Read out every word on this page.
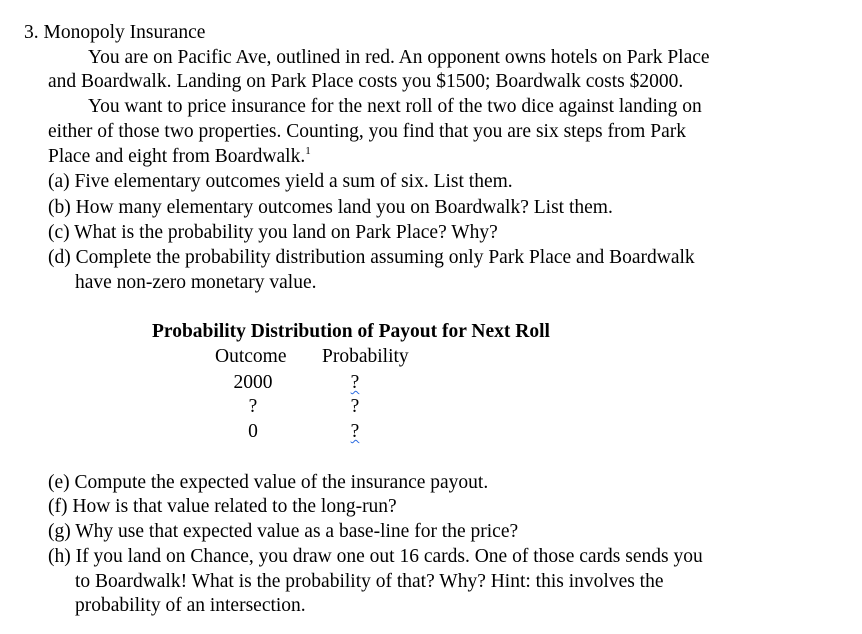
3. Monopoly Insurance
You are on Pacific Ave, outlined in red. An opponent owns hotels on Park Place
and Boardwalk. Landing on Park Place costs you $1500; Boardwalk costs $2000.
You want to price insurance for the next roll of the two dice against landing on
either of those two properties. Counting, you find that you are six steps from Park
Place and eight from Boardwalk.$^1$
(a) Five elementary outcomes yield a sum of six. List them.
(b) How many elementary outcomes land you on Boardwalk? List them.
(c) What is the probability you land on Park Place? Why?
(d) Complete the probability distribution assuming only Park Place and Boardwalk
have non-zero monetary value.
Probability Distribution of Payout for Next Roll
Outcome Probability
2000	?
?	?
0	?
(e) Compute the expected value of the insurance payout.
(f) How is that value related to the long-run?
(g) Why use that expected value as a base-line for the price?
(h) If you land on Chance, you draw one out 16 cards. One of those cards sends you
to Boardwalk! What is the probability of that? Why? Hint: this involves the
probability of an intersection.
